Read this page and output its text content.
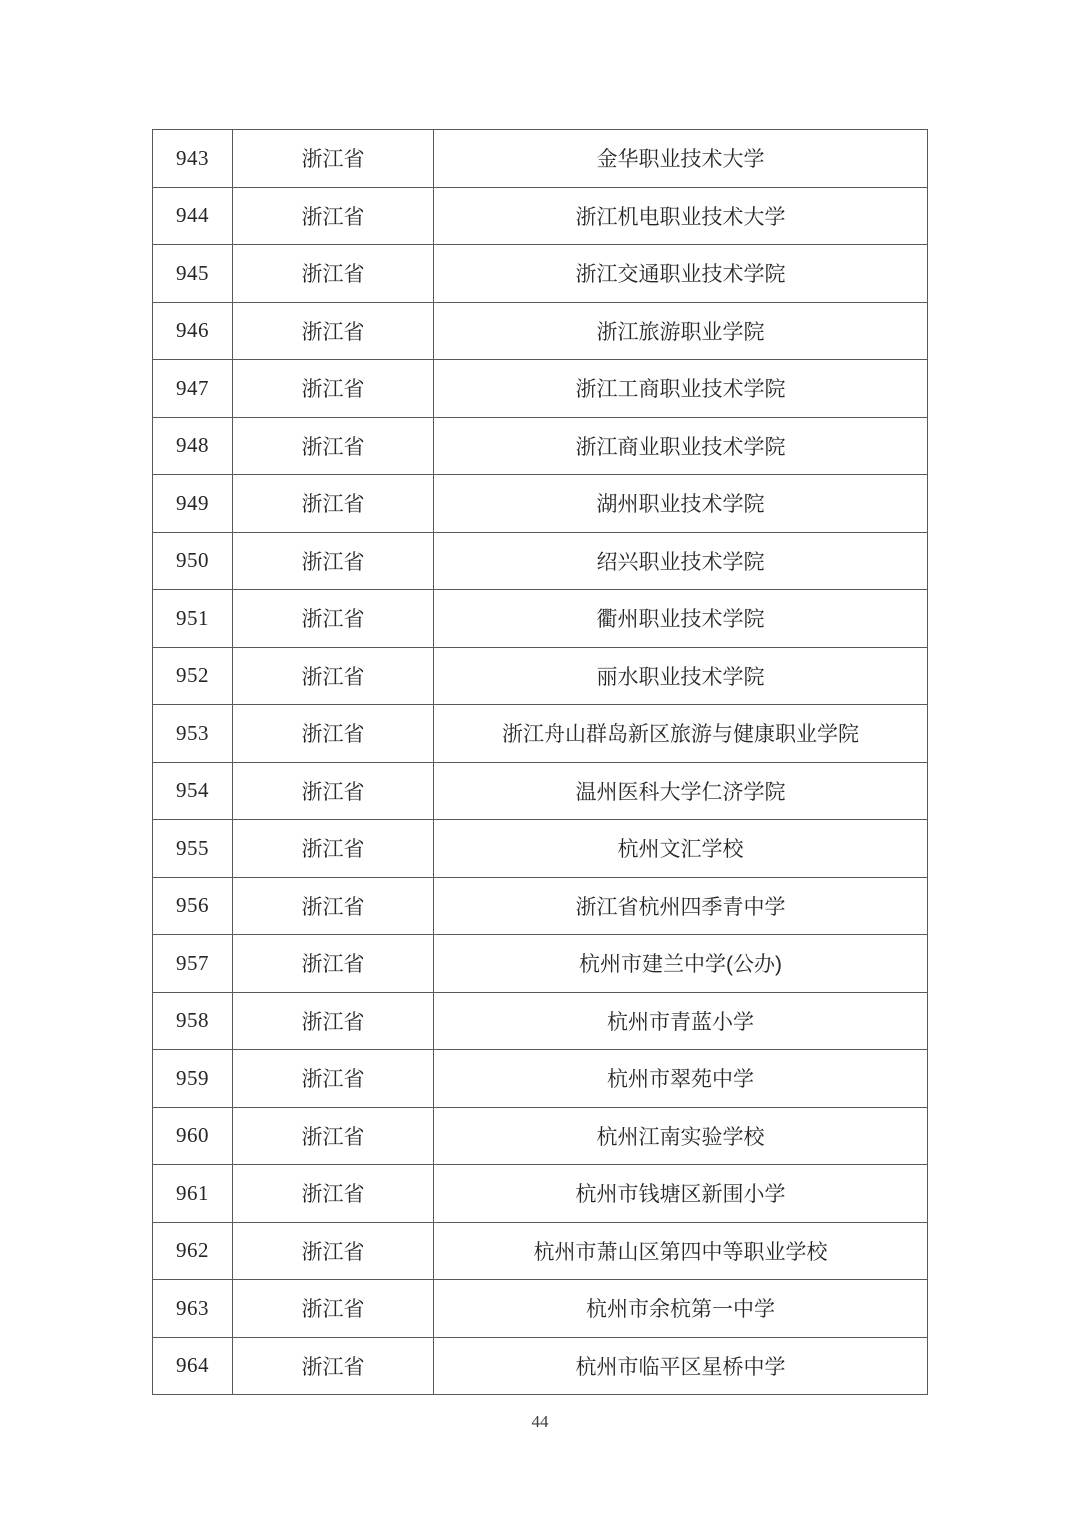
943	浙江省	金华职业技术大学
944	浙江省	浙江机电职业技术大学
945	浙江省	浙江交通职业技术学院
946	浙江省	浙江旅游职业学院
947	浙江省	浙江工商职业技术学院
948	浙江省	浙江商业职业技术学院
949	浙江省	湖州职业技术学院
950	浙江省	绍兴职业技术学院
951	浙江省	衢州职业技术学院
952	浙江省	丽水职业技术学院
953	浙江省	浙江舟山群岛新区旅游与健康职业学院
954	浙江省	温州医科大学仁济学院
955	浙江省	杭州文汇学校
956	浙江省	浙江省杭州四季青中学
957	浙江省	杭州市建兰中学(公办)
958	浙江省	杭州市青蓝小学
959	浙江省	杭州市翠苑中学
960	浙江省	杭州江南实验学校
961	浙江省	杭州市钱塘区新围小学
962	浙江省	杭州市萧山区第四中等职业学校
963	浙江省	杭州市余杭第一中学
964	浙江省	杭州市临平区星桥中学
44
